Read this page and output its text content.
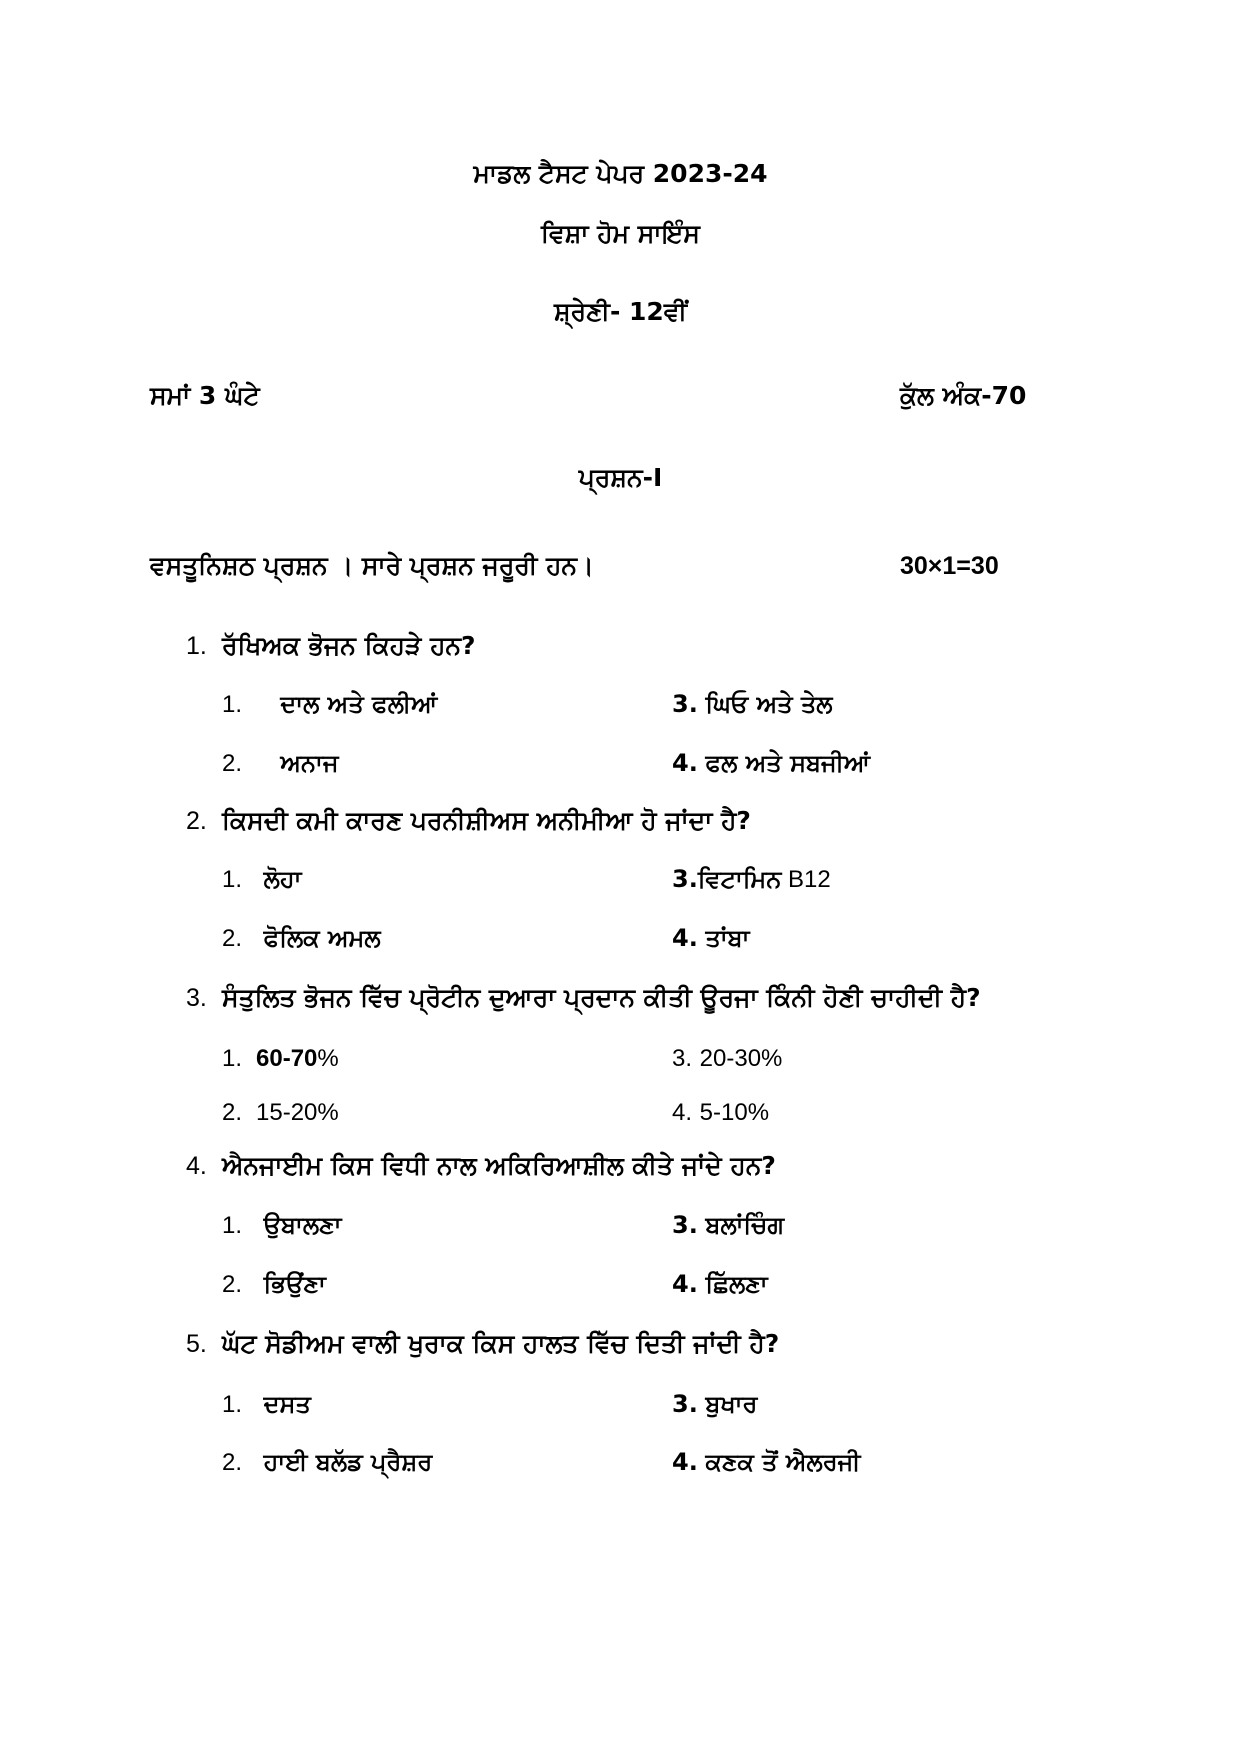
ਮਾਡਲ ਟੈਸਟ ਪੇਪਰ 2023-24
ਵਿਸ਼ਾ ਹੋਮ ਸਾਇੰਸ
ਸ਼੍ਰੇਣੀ- 12ਵੀਂ
ਸਮਾਂ 3 ਘੰਟੇ	ਕੁੱਲ ਅੰਕ-70
ਪ੍ਰਸ਼ਨ-I
ਵਸਤੂਨਿਸ਼ਠ ਪ੍ਰਸ਼ਨ । ਸਾਰੇ ਪ੍ਰਸ਼ਨ ਜਰੂਰੀ ਹਨ।	30×1=30
1. ਰੱਖਿਅਕ ਭੋਜਨ ਕਿਹੜੇ ਹਨ?
1.   ਦਾਲ ਅਤੇ ਫਲੀਆਂ	3. ਘਿਓ ਅਤੇ ਤੇਲ
2.   ਅਨਾਜ	4. ਫਲ ਅਤੇ ਸਬਜੀਆਂ
2. ਕਿਸਦੀ ਕਮੀ ਕਾਰਣ ਪਰਨੀਸ਼ੀਅਸ ਅਨੀਮੀਆ ਹੋ ਜਾਂਦਾ ਹੈ?
1. ਲੋਹਾ	3.ਵਿਟਾਮਿਨ B12
2. ਫੋਲਿਕ ਅਮਲ	4. ਤਾਂਬਾ
3. ਸੰਤੁਲਿਤ ਭੋਜਨ ਵਿੱਚ ਪ੍ਰੋਟੀਨ ਦੁਆਰਾ ਪ੍ਰਦਾਨ ਕੀਤੀ ਊਰਜਾ ਕਿੰਨੀ ਹੋਣੀ ਚਾਹੀਦੀ ਹੈ?
1. 60-70%	3. 20-30%
2. 15-20%	4. 5-10%
4. ਐਨਜਾਈਮ ਕਿਸ ਵਿਧੀ ਨਾਲ ਅਕਿਰਿਆਸ਼ੀਲ ਕੀਤੇ ਜਾਂਦੇ ਹਨ?
1. ਉਬਾਲਣਾ	3. ਬਲਾਂਚਿੰਗ
2. ਭਿਉਂਣਾ	4. ਛਿੱਲਣਾ
5. ਘੱਟ ਸੋਡੀਅਮ ਵਾਲੀ ਖੁਰਾਕ ਕਿਸ ਹਾਲਤ ਵਿੱਚ ਦਿਤੀ ਜਾਂਦੀ ਹੈ?
1. ਦਸਤ	3. ਬੁਖਾਰ
2. ਹਾਈ ਬਲੱਡ ਪ੍ਰੈਸ਼ਰ	4. ਕਣਕ ਤੋਂ ਐਲਰਜੀ
